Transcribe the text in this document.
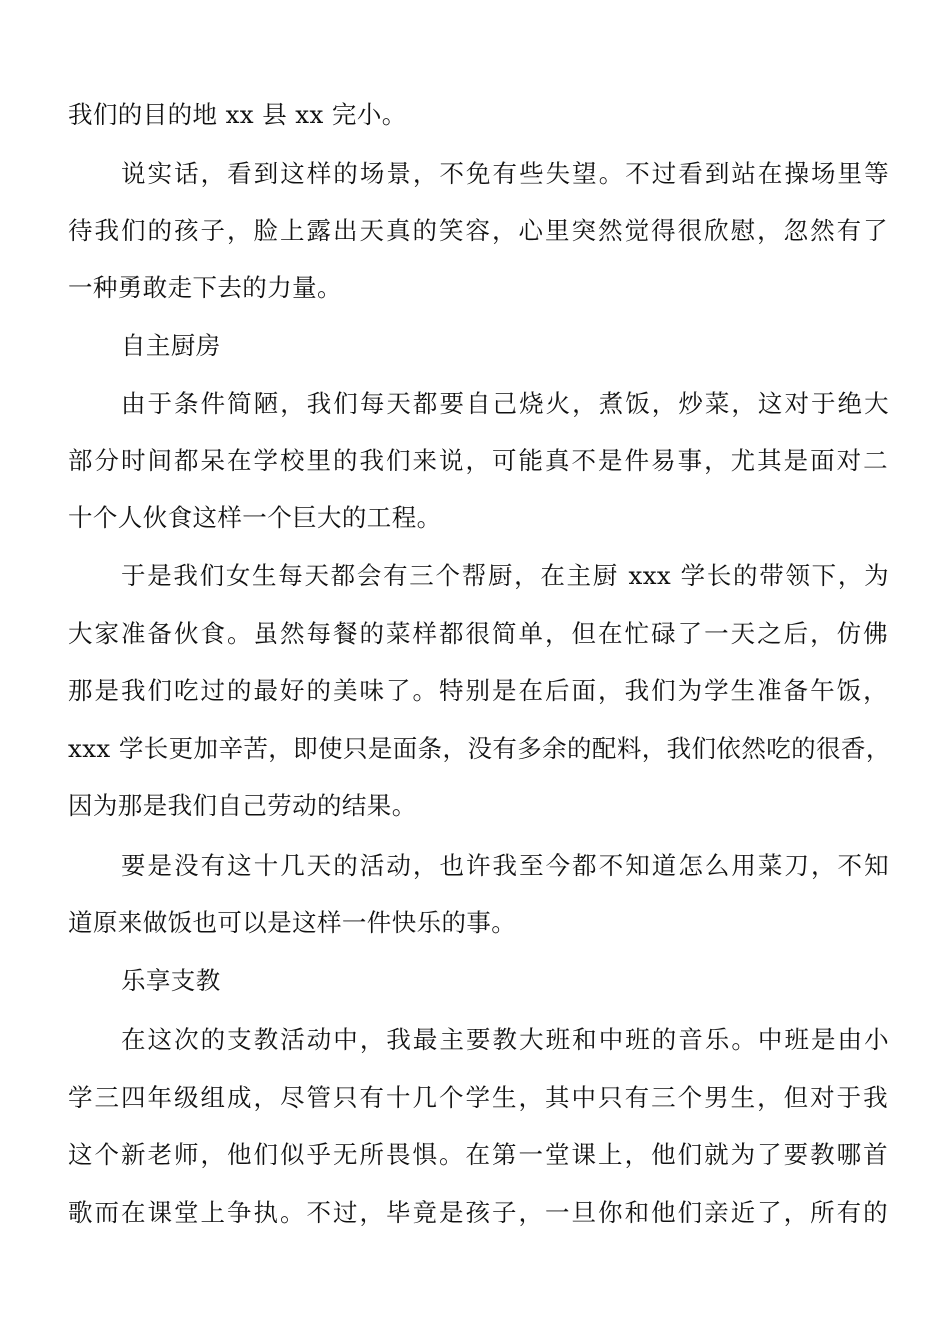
我们的目的地 xx 县 xx 完小。
说实话，看到这样的场景，不免有些失望。不过看到站在操场里等
待我们的孩子，脸上露出天真的笑容，心里突然觉得很欣慰，忽然有了
一种勇敢走下去的力量。
自主厨房
由于条件简陋，我们每天都要自己烧火，煮饭，炒菜，这对于绝大
部分时间都呆在学校里的我们来说，可能真不是件易事，尤其是面对二
十个人伙食这样一个巨大的工程。
于是我们女生每天都会有三个帮厨，在主厨 xxx 学长的带领下，为
大家准备伙食。虽然每餐的菜样都很简单，但在忙碌了一天之后，仿佛
那是我们吃过的最好的美味了。特别是在后面，我们为学生准备午饭，
xxx 学长更加辛苦，即使只是面条，没有多余的配料，我们依然吃的很香，
因为那是我们自己劳动的结果。
要是没有这十几天的活动，也许我至今都不知道怎么用菜刀，不知
道原来做饭也可以是这样一件快乐的事。
乐享支教
在这次的支教活动中，我最主要教大班和中班的音乐。中班是由小
学三四年级组成，尽管只有十几个学生，其中只有三个男生，但对于我
这个新老师，他们似乎无所畏惧。在第一堂课上，他们就为了要教哪首
歌而在课堂上争执。不过，毕竟是孩子，一旦你和他们亲近了，所有的
